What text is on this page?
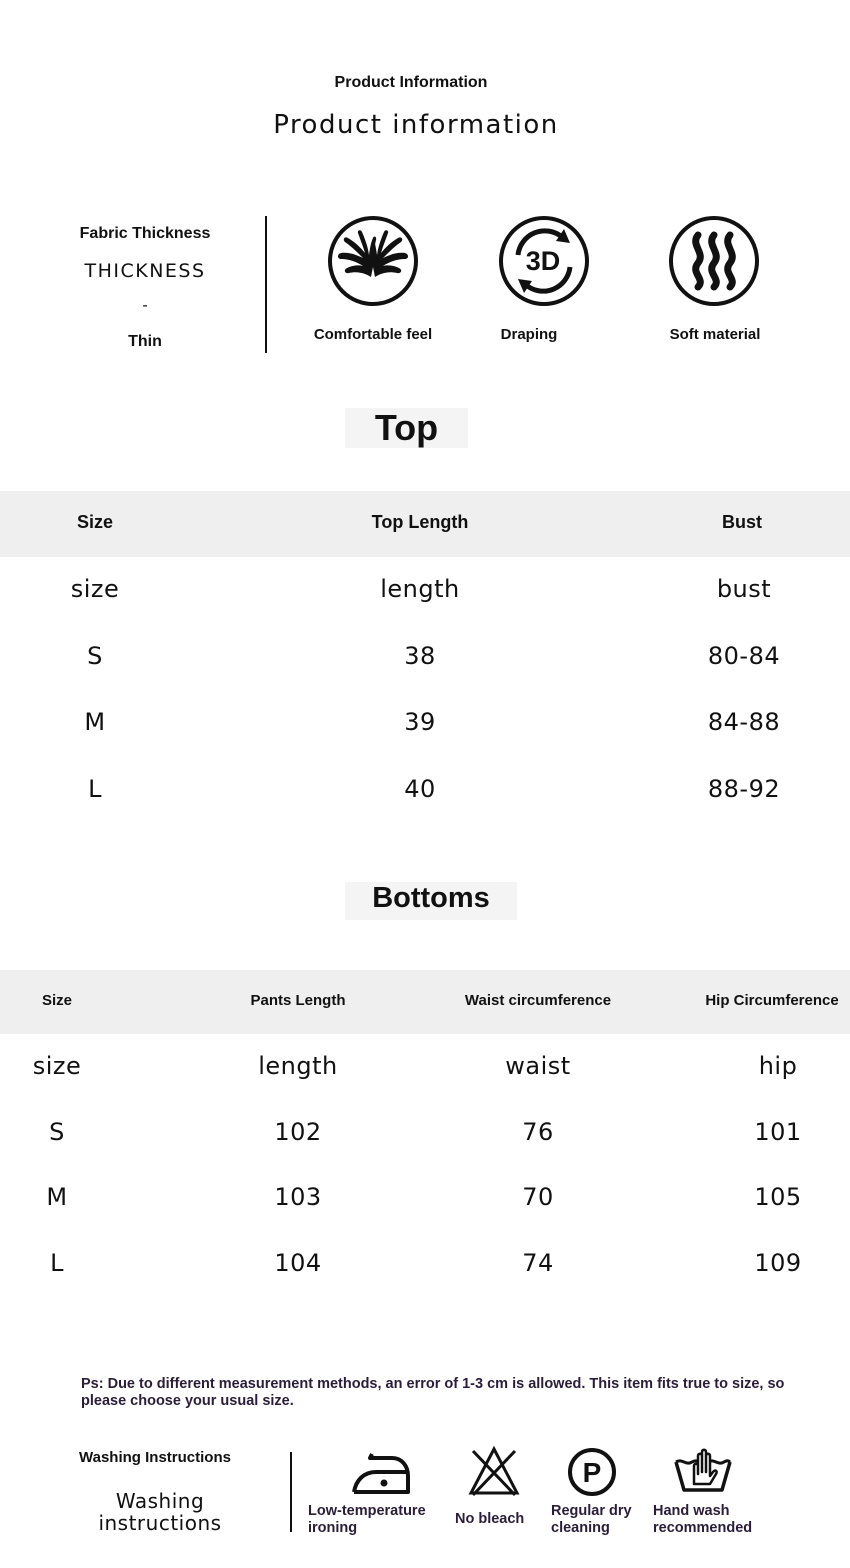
Product Information
Product information
Fabric Thickness
THICKNESS
-
Thin	Comfortable feel
3D
Draping	Soft material
Top
Size	Top Length	Bust
size	length	bust
S	38	80-84
M	39	84-88
L	40	88-92
Bottoms
Size	Pants Length	Waist circumference	Hip Circumference
size	length	waist	hip
S	102	76	101
M	103	70	105
L	104	74	109
Ps: Due to different measurement methods, an error of 1-3 cm is allowed. This item fits true to size, so please choose your usual size.
Washing Instructions
Washing
instructions	Low-temperature
ironing
No bleach
P
Regular dry
cleaning
Hand wash
recommended
